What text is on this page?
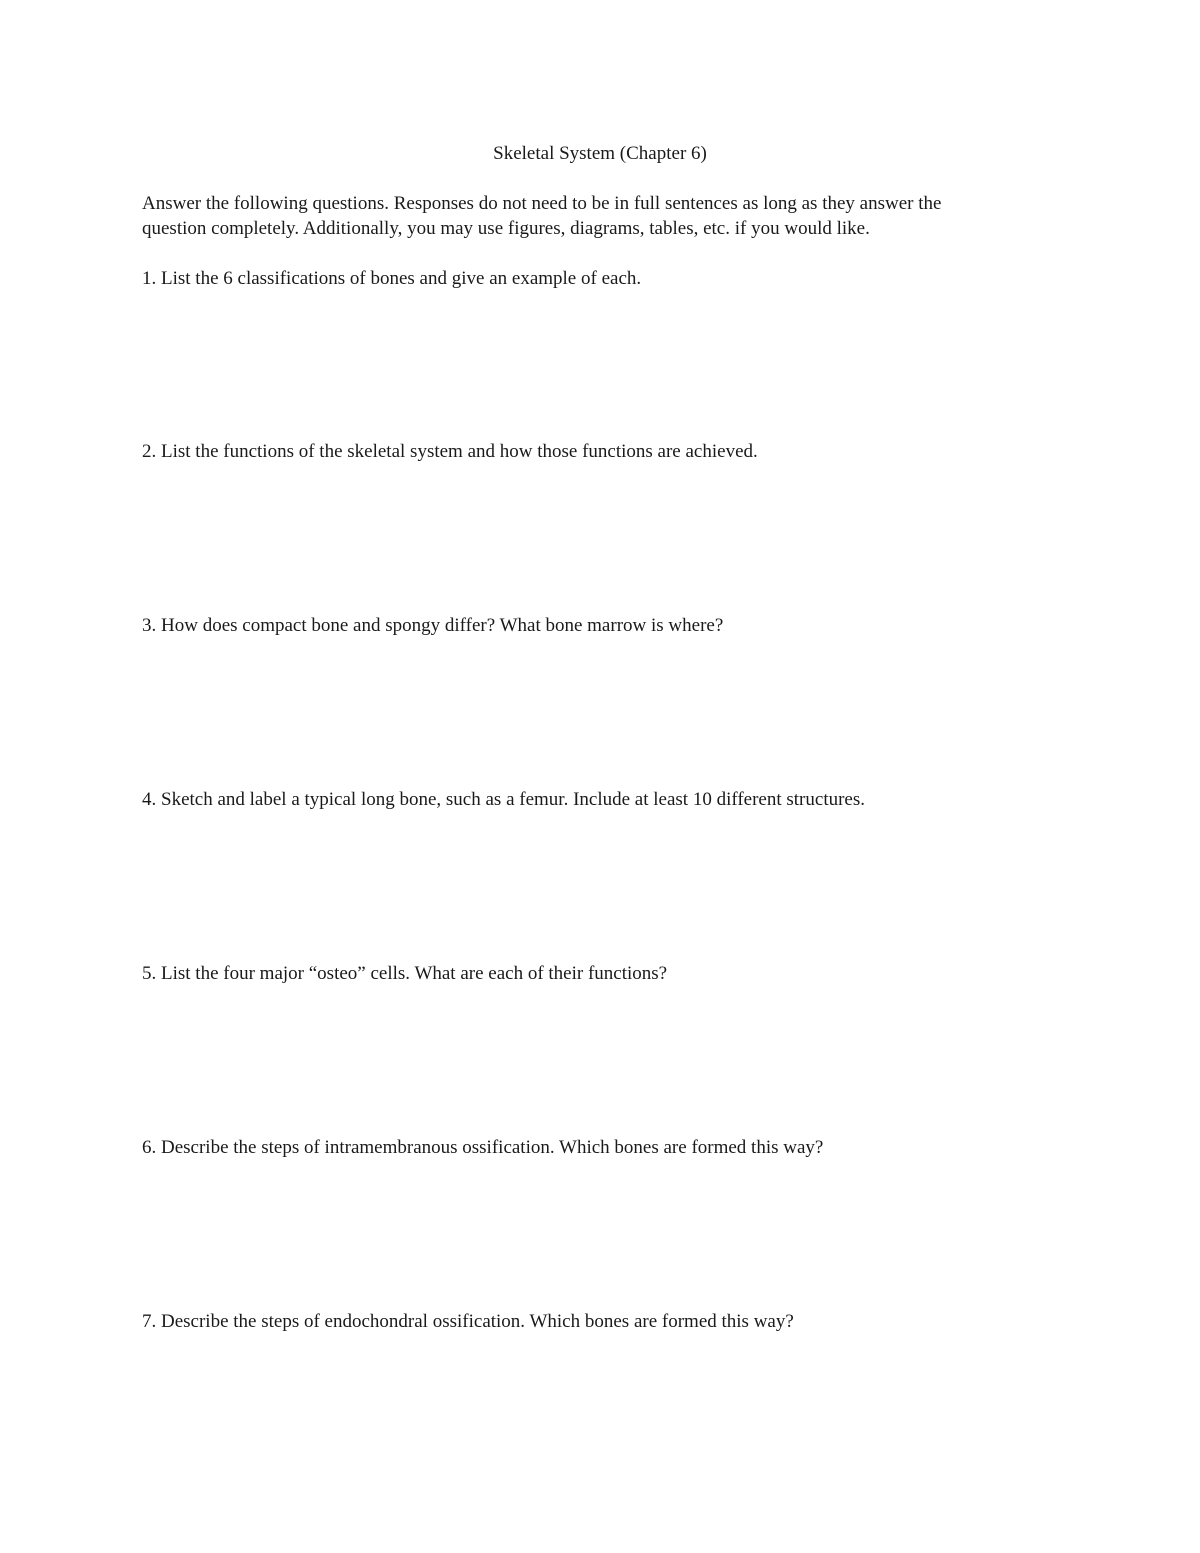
Skeletal System (Chapter 6)
Answer the following questions. Responses do not need to be in full sentences as long as they answer the
question completely. Additionally, you may use figures, diagrams, tables, etc. if you would like.
1. List the 6 classifications of bones and give an example of each.
2. List the functions of the skeletal system and how those functions are achieved.
3. How does compact bone and spongy differ? What bone marrow is where?
4. Sketch and label a typical long bone, such as a femur. Include at least 10 different structures.
5. List the four major “osteo” cells. What are each of their functions?
6. Describe the steps of intramembranous ossification. Which bones are formed this way?
7. Describe the steps of endochondral ossification. Which bones are formed this way?
